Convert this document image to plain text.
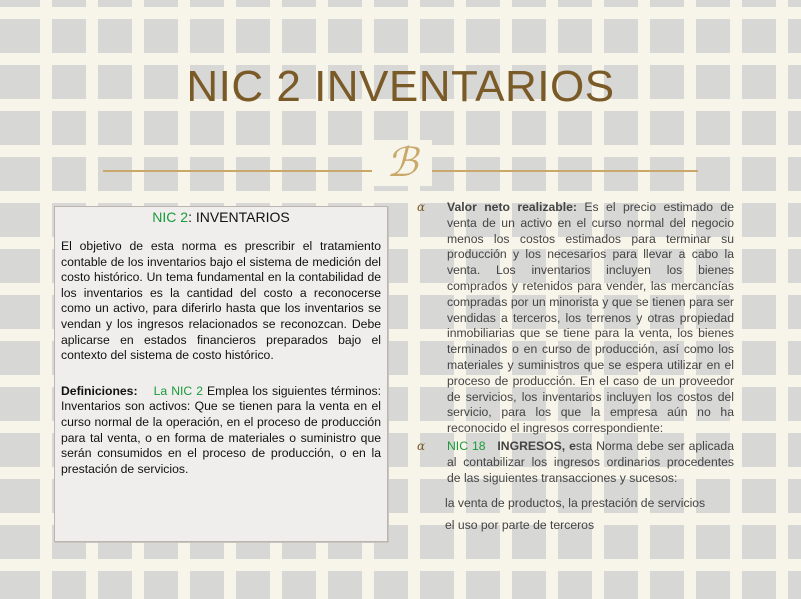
NIC 2 INVENTARIOS
ℬ
NIC 2: INVENTARIOS

El objetivo de esta norma es prescribir el tratamiento contable de los inventarios bajo el sistema de medición del costo histórico. Un tema fundamental en la contabilidad de los inventarios es la cantidad del costo a reconocerse como un activo, para diferirlo hasta que los inventarios se vendan y los ingresos relacionados se reconozcan. Debe aplicarse en estados financieros preparados bajo el contexto del sistema de costo histórico.

Definiciones: La NIC 2 Emplea los siguientes términos: Inventarios son activos: Que se tienen para la venta en el curso normal de la operación, en el proceso de producción para tal venta, o en forma de materiales o suministro que serán consumidos en el proceso de producción, o en la prestación de servicios.

ɑ Valor neto realizable: Es el precio estimado de venta de un activo en el curso normal del negocio menos los costos estimados para terminar su producción y los necesarios para llevar a cabo la venta. Los inventarios incluyen los bienes comprados y retenidos para vender, las mercancías compradas por un minorista y que se tienen para ser vendidas a terceros, los terrenos y otras propiedad inmobiliarias que se tiene para la venta, los bienes terminados o en curso de producción, así como los materiales y suministros que se espera utilizar en el proceso de producción. En el caso de un proveedor de servicios, los inventarios incluyen los costos del servicio, para los que la empresa aún no ha reconocido el ingresos correspondiente:
ɑ NIC 18 INGRESOS, esta Norma debe ser aplicada al contabilizar los ingresos ordinarios procedentes de las siguientes transacciones y sucesos:
la venta de productos, la prestación de servicios
el uso por parte de terceros
